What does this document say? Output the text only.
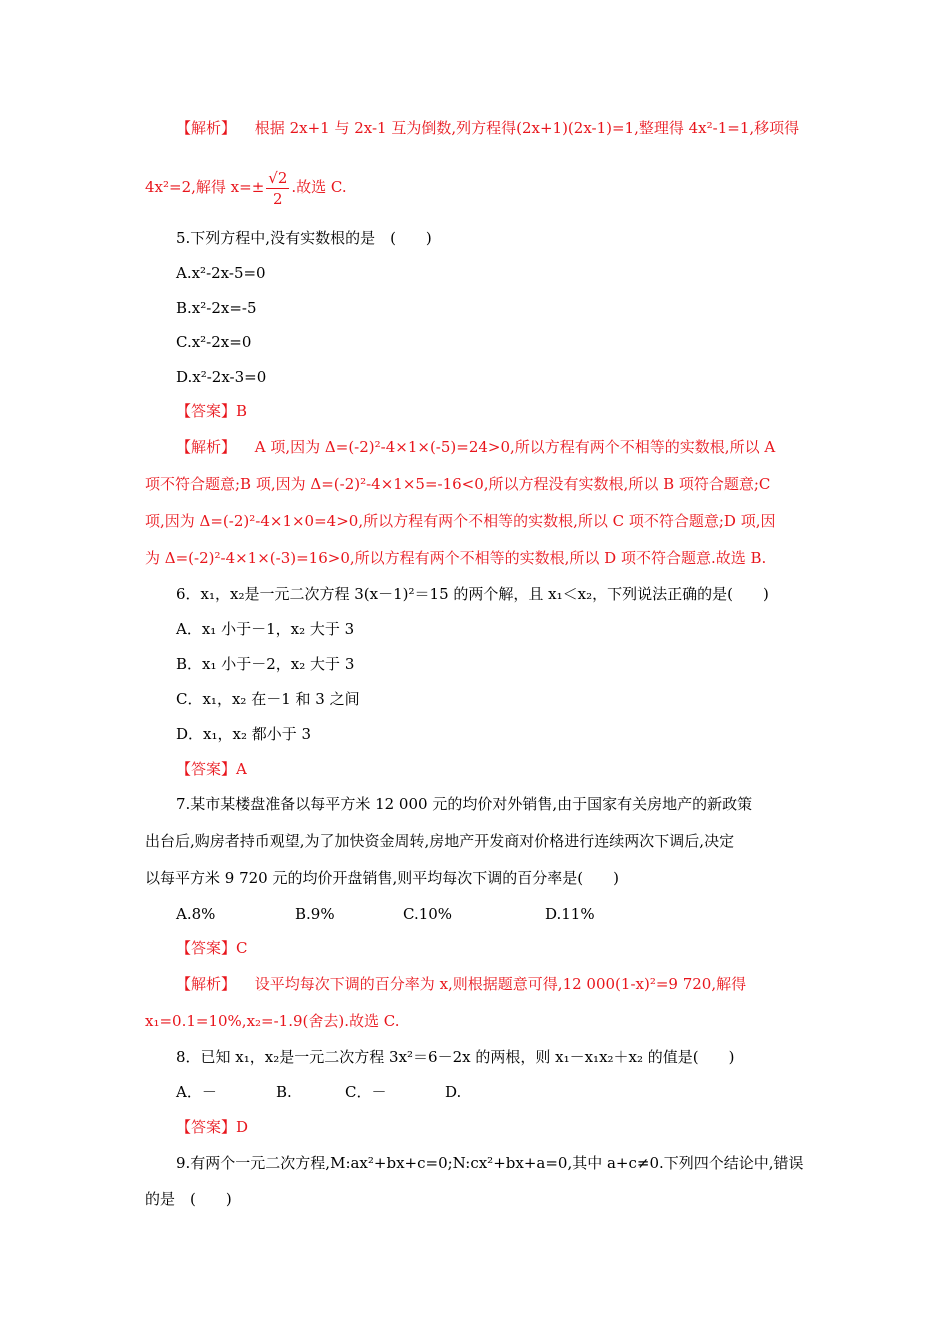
【解析】 根据 2x+1 与 2x-1 互为倒数,列方程得(2x+1)(2x-1)=1,整理得 4x²-1=1,移项得
4x²=2,解得 $x=\pm \frac{√2}{2}$ .故选 C.
5.下列方程中,没有实数根的是　(　　)
A.x²-2x-5=0
B.x²-2x=-5
C.x²-2x=0
D.x²-2x-3=0
【答案】B
【解析】 A 项,因为 Δ=(-2)²-4×1×(-5)=24>0,所以方程有两个不相等的实数根,所以 A
项不符合题意;B 项,因为 Δ=(-2)²-4×1×5=-16<0,所以方程没有实数根,所以 B 项符合题意;C
项,因为 Δ=(-2)²-4×1×0=4>0,所以方程有两个不相等的实数根,所以 C 项不符合题意;D 项,因
为 Δ=(-2)²-4×1×(-3)=16>0,所以方程有两个不相等的实数根,所以 D 项不符合题意.故选 B.
6．x₁，x₂是一元二次方程 3(x－1)²＝15 的两个解，且 x₁＜x₂，下列说法正确的是(　　)
A．x₁ 小于－1，x₂ 大于 3
B．x₁ 小于－2，x₂ 大于 3
C．x₁，x₂ 在－1 和 3 之间
D．x₁，x₂ 都小于 3
【答案】A
7.某市某楼盘准备以每平方米 12 000 元的均价对外销售,由于国家有关房地产的新政策
出台后,购房者持币观望,为了加快资金周转,房地产开发商对价格进行连续两次下调后,决定
以每平方米 9 720 元的均价开盘销售,则平均每次下调的百分率是(　　)
A.8%	B.9%	C.10%	D.11%
【答案】C
【解析】 设平均每次下调的百分率为 x,则根据题意可得,12 000(1-x)²=9 720,解得
x₁=0.1=10%,x₂=-1.9(舍去).故选 C.
8．已知 x₁，x₂是一元二次方程 3x²＝6－2x 的两根，则 x₁－x₁x₂＋x₂ 的值是(　　)
A．－	B.	C．－	D.
【答案】D
9.有两个一元二次方程,M:ax²+bx+c=0;N:cx²+bx+a=0,其中 a+c≠0.下列四个结论中,错误
的是　(　　)
